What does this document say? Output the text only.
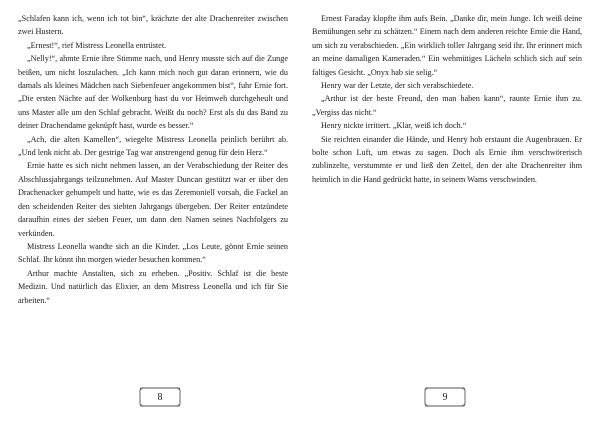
„Schlafen kann ich, wenn ich tot bin“, krächzte der alte Drachenreiter zwischen zwei Hustern.

„Ernest!“, rief Mistress Leonella entrüstet.

„Nelly!“, ahmte Ernie ihre Stimme nach, und Henry musste sich auf die Zunge beißen, um nicht loszulachen. „Ich kann mich noch gut daran erinnern, wie du damals als kleines Mädchen nach Siebenfeuer angekommen bist“, fuhr Ernie fort. „Die ersten Nächte auf der Wolkenburg hast du vor Heimweh durchgeheult und uns Master alle um den Schlaf gebracht. Weißt du noch? Erst als du das Band zu deiner Drachendame geknüpft hast, wurde es besser.“

„Ach, die alten Kamellen“, wiegelte Mistress Leonella peinlich berührt ab. „Und lenk nicht ab. Der gestrige Tag war anstrengend genug für dein Herz.“

Ernie hatte es sich nicht nehmen lassen, an der Verabschiedung der Reiter des Abschlussjahrgangs teilzunehmen. Auf Master Duncan gestützt war er über den Drachenacker gehumpelt und hatte, wie es das Zeremoniell vorsah, die Fackel an den scheidenden Reiter des siebten Jahrgangs übergeben. Der Reiter entzündete daraufhin eines der sieben Feuer, um dann den Namen seines Nachfolgers zu verkünden.

Mistress Leonella wandte sich an die Kinder. „Los Leute, gönnt Ernie seinen Schlaf. Ihr könnt ihn morgen wieder besuchen kommen.“

Arthur machte Anstalten, sich zu erheben. „Positiv. Schlaf ist die beste Medizin. Und natürlich das Elixier, an dem Mistress Leonella und ich für Sie arbeiten.“

8

Ernest Faraday klopfte ihm aufs Bein. „Danke dir, mein Junge. Ich weiß deine Bemühungen sehr zu schätzen.“ Einem nach dem anderen reichte Ernie die Hand, um sich zu verabschieden. „Ein wirklich toller Jahrgang seid ihr. Ihr erinnert mich an meine damaligen Kameraden.“ Ein wehmütiges Lächeln schlich sich auf sein faltiges Gesicht. „Onyx hab sie selig.“

Henry war der Letzte, der sich verabschiedete.

„Arthur ist der beste Freund, den man haben kann“, raunte Ernie ihm zu. „Vergiss das nicht.“

Henry nickte irritiert. „Klar, weiß ich doch.“

Sie reichten einander die Hände, und Henry hob erstaunt die Augenbrauen. Er bolte schon Luft, um etwas zu sagen. Doch als Ernie ihm verschwörerisch zublinzelte, verstummte er und ließ den Zettel, den der alte Drachenreiter ihm heimlich in die Hand gedrückt hatte, in seinem Wams verschwinden.

9
